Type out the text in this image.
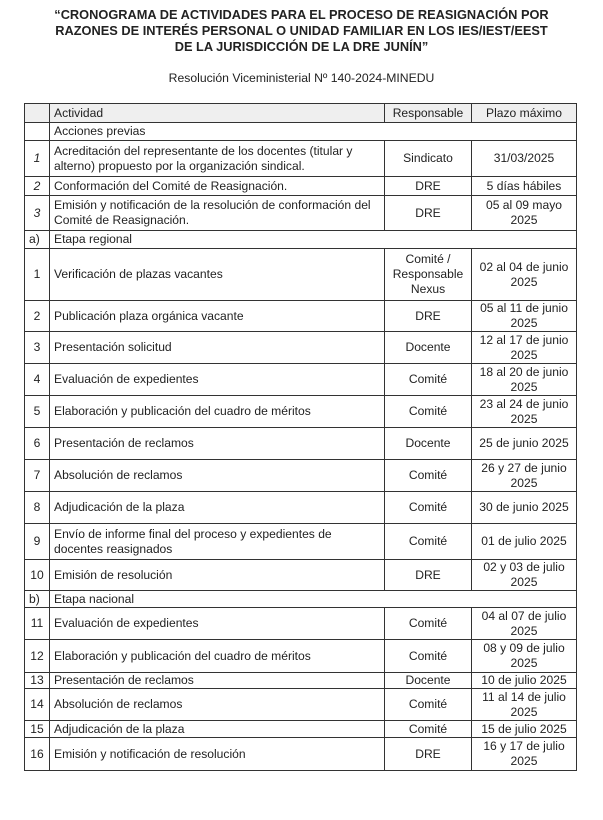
“CRONOGRAMA DE ACTIVIDADES PARA EL PROCESO DE REASIGNACIÓN POR
RAZONES DE INTERÉS PERSONAL O UNIDAD FAMILIAR EN LOS IES/IEST/EEST
DE LA JURISDICCIÓN DE LA DRE JUNÍN”
Resolución Viceministerial Nº 140-2024-MINEDU
	Actividad	Responsable	Plazo máximo
	Acciones previas		
1	Acreditación del representante de los docentes (titular y alterno) propuesto por la organización sindical.	Sindicato	31/03/2025
2	Conformación del Comité de Reasignación.	DRE	5 días hábiles
3	Emisión y notificación de la resolución de conformación del Comité de Reasignación.	DRE	05 al 09 mayo 2025
a)	Etapa regional		
1	Verificación de plazas vacantes	Comité / Responsable Nexus	02 al 04 de junio 2025
2	Publicación plaza orgánica vacante	DRE	05 al 11 de junio 2025
3	Presentación solicitud	Docente	12 al 17 de junio 2025
4	Evaluación de expedientes	Comité	18 al 20 de junio 2025
5	Elaboración y publicación del cuadro de méritos	Comité	23 al 24 de junio 2025
6	Presentación de reclamos	Docente	25 de junio 2025
7	Absolución de reclamos	Comité	26 y 27 de junio 2025
8	Adjudicación de la plaza	Comité	30 de junio 2025
9	Envío de informe final del proceso y expedientes de docentes reasignados	Comité	01 de julio 2025
10	Emisión de resolución	DRE	02 y 03 de julio 2025
b)	Etapa nacional		
11	Evaluación de expedientes	Comité	04 al 07 de julio 2025
12	Elaboración y publicación del cuadro de méritos	Comité	08 y 09 de julio 2025
13	Presentación de reclamos	Docente	10 de julio 2025
14	Absolución de reclamos	Comité	11 al 14 de julio 2025
15	Adjudicación de la plaza	Comité	15 de julio 2025
16	Emisión y notificación de resolución	DRE	16 y 17 de julio 2025
